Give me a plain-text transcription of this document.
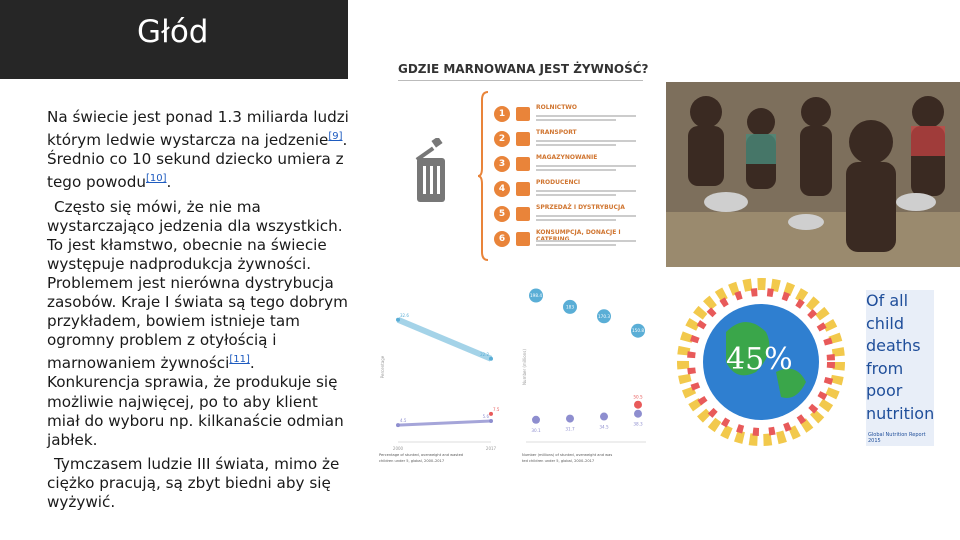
Głód

Na świecie jest ponad 1.3 miliarda ludzi którym ledwie wystarcza na jedzenie[9]. Średnio co 10 sekund dziecko umiera z tego powodu[10].

Często się mówi, że nie ma wystarczająco jedzenia dla wszystkich. To jest kłamstwo, obecnie na świecie występuje nadprodukcja żywności. Problemem jest nierówna dystrybucja zasobów. Kraje I świata są tego dobrym przykładem, bowiem istnieje tam ogromny problem z otyłością i marnowaniem żywności[11]. Konkurencja sprawia, że produkuje się możliwie najwięcej, po to aby klient miał do wyboru np. kilkanaście odmian jabłek.

Tymczasem ludzie III świata, mimo że ciężko pracują, są zbyt biedni aby się wyżywić.

GDZIE MARNOWANA JEST ŻYWNOŚĆ?
1
ROLNICTWO
2
TRANSPORT
3
MAGAZYNOWANIE
4
PRODUCENCI
5
SPRZEDAŻ I DYSTRYBUCJA
6
KONSUMPCJA, DONACJE I
32.6
22.2
4.5
5.6
7.5
2000	2017
Percentage
198.4
183
170.3
150.8
30.1	31.7	34.5
38.3
50.5
Number (millions)
Percentage of stunted, overweight and wasted
children under 5, global, 2000–2017
Number (millions) of stunted, overweight and was
ted children under 5, global, 2000–2017
45%
Of all child deaths from poor nutrition
Global Nutrition Report 2015
Odsetek i liczba (miliony) ludzi głodnych i z nadwagą	45% wszystkich dzieci na świecie umiera z powodu niedożywienia
